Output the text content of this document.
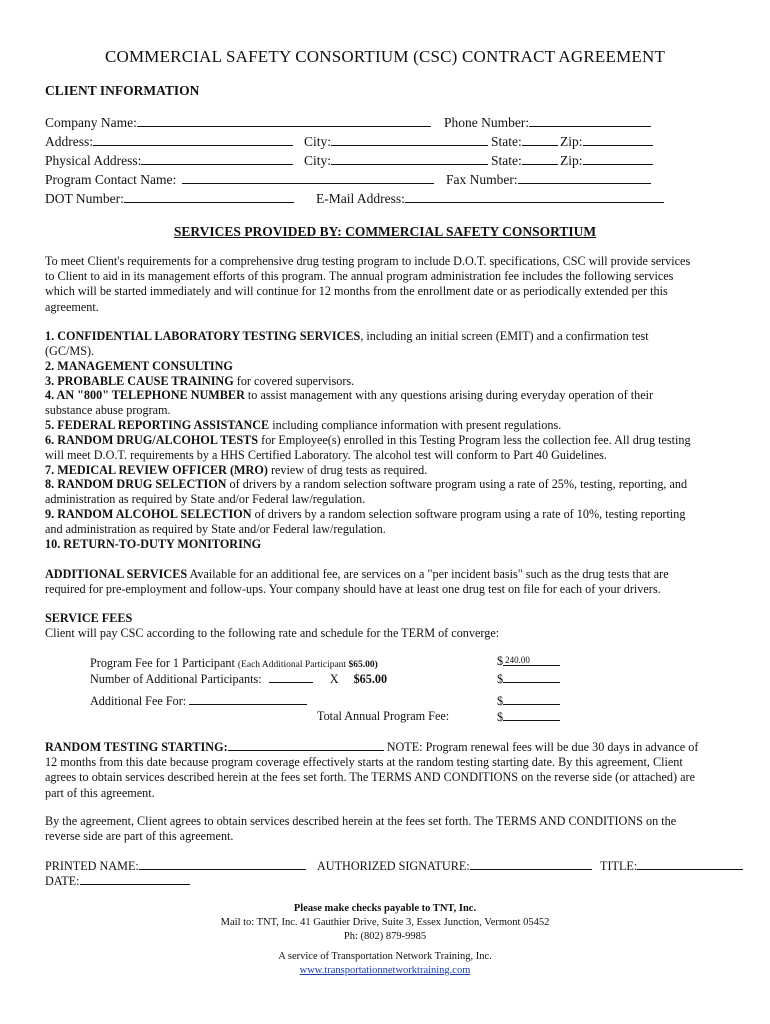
COMMERCIAL SAFETY CONSORTIUM (CSC) CONTRACT AGREEMENT
CLIENT INFORMATION
Company Name:	Phone Number:
Address:	City:	State:	Zip:
Physical Address:	City:	State:	Zip:
Program Contact Name:	Fax Number:
DOT Number:	E-Mail Address:
SERVICES PROVIDED BY: COMMERCIAL SAFETY CONSORTIUM
To meet Client's requirements for a comprehensive drug testing program to include D.O.T. specifications, CSC will provide services
to Client to aid in its management efforts of this program. The annual program administration fee includes the following services
which will be started immediately and will continue for 12 months from the enrollment date or as periodically extended per this
agreement.
1. CONFIDENTIAL LABORATORY TESTING SERVICES, including an initial screen (EMIT) and a confirmation test
(GC/MS).
2. MANAGEMENT CONSULTING
3. PROBABLE CAUSE TRAINING for covered supervisors.
4. AN "800" TELEPHONE NUMBER to assist management with any questions arising during everyday operation of their
substance abuse program.
5. FEDERAL REPORTING ASSISTANCE including compliance information with present regulations.
6. RANDOM DRUG/ALCOHOL TESTS for Employee(s) enrolled in this Testing Program less the collection fee. All drug testing
will meet D.O.T. requirements by a HHS Certified Laboratory. The alcohol test will conform to Part 40 Guidelines.
7. MEDICAL REVIEW OFFICER (MRO) review of drug tests as required.
8. RANDOM DRUG SELECTION of drivers by a random selection software program using a rate of 25%, testing, reporting, and
administration as required by State and/or Federal law/regulation.
9. RANDOM ALCOHOL SELECTION of drivers by a random selection software program using a rate of 10%, testing reporting
and administration as required by State and/or Federal law/regulation.
10. RETURN-TO-DUTY MONITORING
ADDITIONAL SERVICES Available for an additional fee, are services on a "per incident basis" such as the drug tests that are
required for pre-employment and follow-ups. Your company should have at least one drug test on file for each of your drivers.
SERVICE FEES
Client will pay CSC according to the following rate and schedule for the TERM of converge:
Program Fee for 1 Participant (Each Additional Participant $65.00)	$ 240.00
Number of Additional Participants:	X $65.00	$
Additional Fee For:	$
Total Annual Program Fee:	$
RANDOM TESTING STARTING:	NOTE: Program renewal fees will be due 30 days in advance of
12 months from this date because program coverage effectively starts at the random testing starting date. By this agreement, Client
agrees to obtain services described herein at the fees set forth. The TERMS AND CONDITIONS on the reverse side (or attached) are
part of this agreement.
By the agreement, Client agrees to obtain services described herein at the fees set forth. The TERMS AND CONDITIONS on the
reverse side are part of this agreement.
PRINTED NAME:	AUTHORIZED SIGNATURE:	TITLE:
DATE:
Please make checks payable to TNT, Inc.
Mail to: TNT, Inc. 41 Gauthier Drive, Suite 3, Essex Junction, Vermont 05452
Ph: (802) 879-9985
A service of Transportation Network Training, Inc.
www.transportationnetworktraining.com
